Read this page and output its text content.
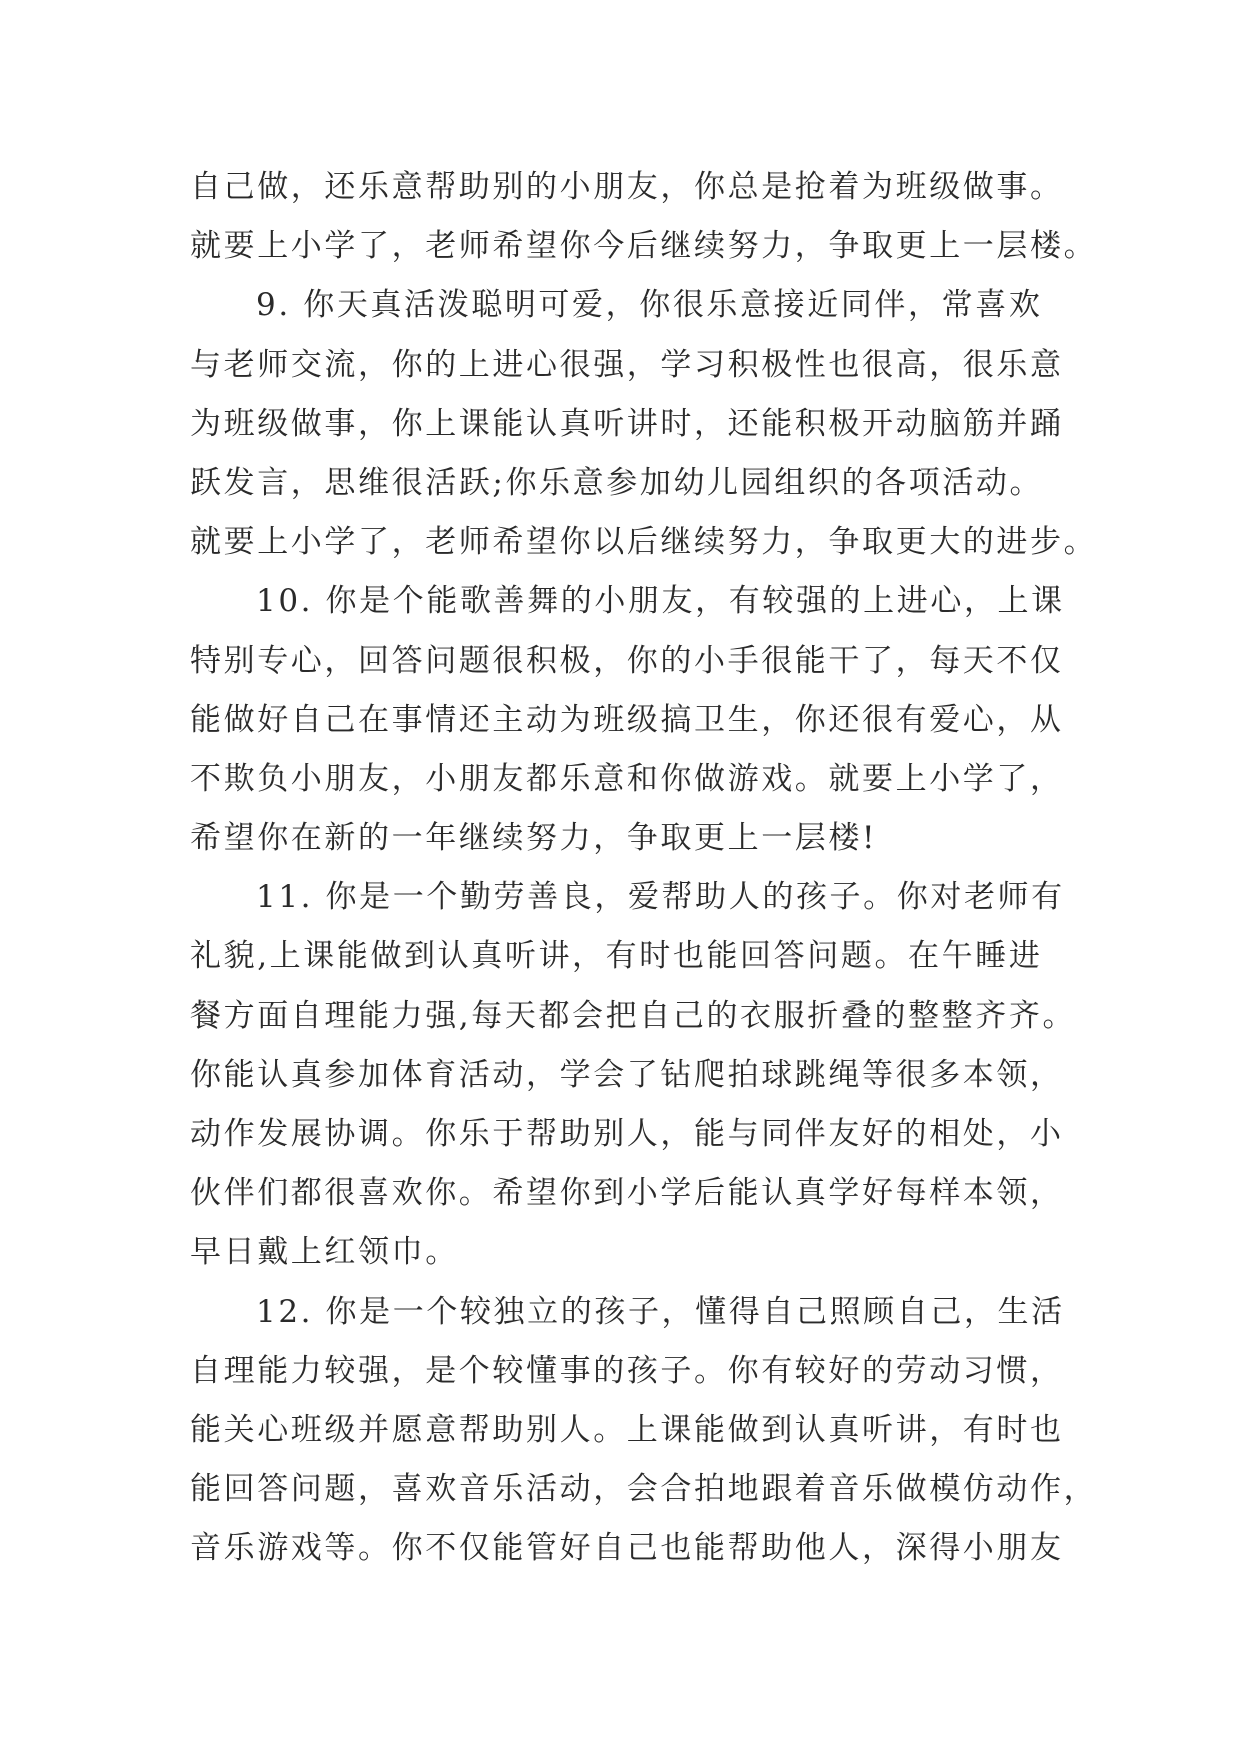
自己做，还乐意帮助别的小朋友，你总是抢着为班级做事。
就要上小学了，老师希望你今后继续努力，争取更上一层楼。
9. 你天真活泼聪明可爱，你很乐意接近同伴，常喜欢
与老师交流，你的上进心很强，学习积极性也很高，很乐意
为班级做事，你上课能认真听讲时，还能积极开动脑筋并踊
跃发言，思维很活跃;你乐意参加幼儿园组织的各项活动。
就要上小学了，老师希望你以后继续努力，争取更大的进步。
10. 你是个能歌善舞的小朋友，有较强的上进心，上课
特别专心，回答问题很积极，你的小手很能干了，每天不仅
能做好自己在事情还主动为班级搞卫生，你还很有爱心，从
不欺负小朋友，小朋友都乐意和你做游戏。就要上小学了，
希望你在新的一年继续努力，争取更上一层楼!
11. 你是一个勤劳善良，爱帮助人的孩子。你对老师有
礼貌,上课能做到认真听讲，有时也能回答问题。在午睡进
餐方面自理能力强,每天都会把自己的衣服折叠的整整齐齐。
你能认真参加体育活动，学会了钻爬拍球跳绳等很多本领，
动作发展协调。你乐于帮助别人，能与同伴友好的相处，小
伙伴们都很喜欢你。希望你到小学后能认真学好每样本领，
早日戴上红领巾。
12. 你是一个较独立的孩子，懂得自己照顾自己，生活
自理能力较强，是个较懂事的孩子。你有较好的劳动习惯，
能关心班级并愿意帮助别人。上课能做到认真听讲，有时也
能回答问题，喜欢音乐活动，会合拍地跟着音乐做模仿动作，
音乐游戏等。你不仅能管好自己也能帮助他人，深得小朋友
